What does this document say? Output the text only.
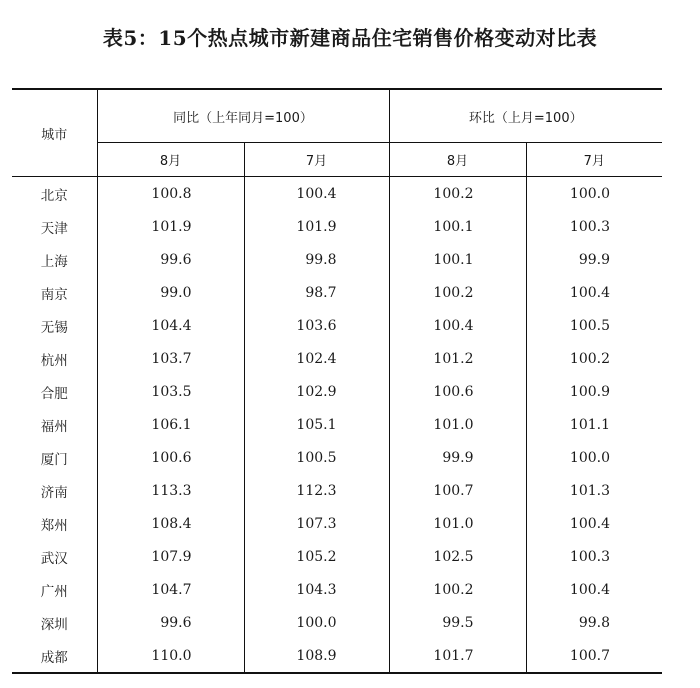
表5：15个热点城市新建商品住宅销售价格变动对比表
城市	同比（上年同月=100）		环比（上月=100）	
	8月	7月	8月	7月
北京	100.8	100.4	100.2	100.0
天津	101.9	101.9	100.1	100.3
上海	99.6	99.8	100.1	99.9
南京	99.0	98.7	100.2	100.4
无锡	104.4	103.6	100.4	100.5
杭州	103.7	102.4	101.2	100.2
合肥	103.5	102.9	100.6	100.9
福州	106.1	105.1	101.0	101.1
厦门	100.6	100.5	99.9	100.0
济南	113.3	112.3	100.7	101.3
郑州	108.4	107.3	101.0	100.4
武汉	107.9	105.2	102.5	100.3
广州	104.7	104.3	100.2	100.4
深圳	99.6	100.0	99.5	99.8
成都	110.0	108.9	101.7	100.7
